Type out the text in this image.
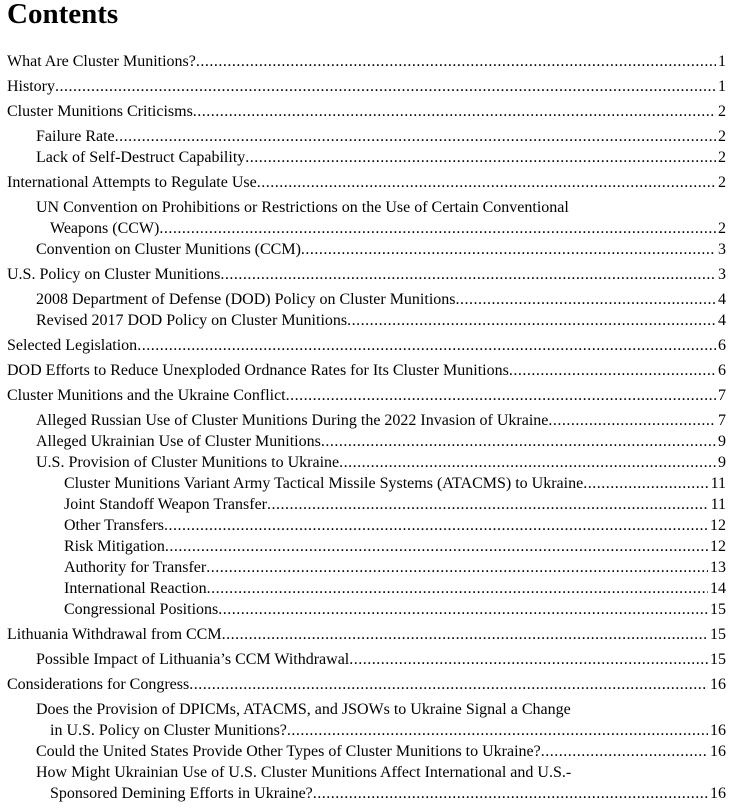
Contents
What Are Cluster Munitions? .....	1
History .....	1
Cluster Munitions Criticisms .....	2
Failure Rate .....	2
Lack of Self-Destruct Capability .....	2
International Attempts to Regulate Use .....	2
UN Convention on Prohibitions or Restrictions on the Use of Certain Conventional
Weapons (CCW) .....	2
Convention on Cluster Munitions (CCM) .....	3
U.S. Policy on Cluster Munitions .....	3
2008 Department of Defense (DOD) Policy on Cluster Munitions .....	4
Revised 2017 DOD Policy on Cluster Munitions .....	4
Selected Legislation .....	6
DOD Efforts to Reduce Unexploded Ordnance Rates for Its Cluster Munitions .....	6
Cluster Munitions and the Ukraine Conflict .....	7
Alleged Russian Use of Cluster Munitions During the 2022 Invasion of Ukraine .....	7
Alleged Ukrainian Use of Cluster Munitions .....	9
U.S. Provision of Cluster Munitions to Ukraine .....	9
Cluster Munitions Variant Army Tactical Missile Systems (ATACMS) to Ukraine .....	11
Joint Standoff Weapon Transfer .....	11
Other Transfers .....	12
Risk Mitigation .....	12
Authority for Transfer .....	13
International Reaction .....	14
Congressional Positions .....	15
Lithuania Withdrawal from CCM .....	15
Possible Impact of Lithuania’s CCM Withdrawal .....	15
Considerations for Congress .....	16
Does the Provision of DPICMs, ATACMS, and JSOWs to Ukraine Signal a Change
in U.S. Policy on Cluster Munitions? .....	16
Could the United States Provide Other Types of Cluster Munitions to Ukraine? .....	16
How Might Ukrainian Use of U.S. Cluster Munitions Affect International and U.S.-
Sponsored Demining Efforts in Ukraine? .....	16
